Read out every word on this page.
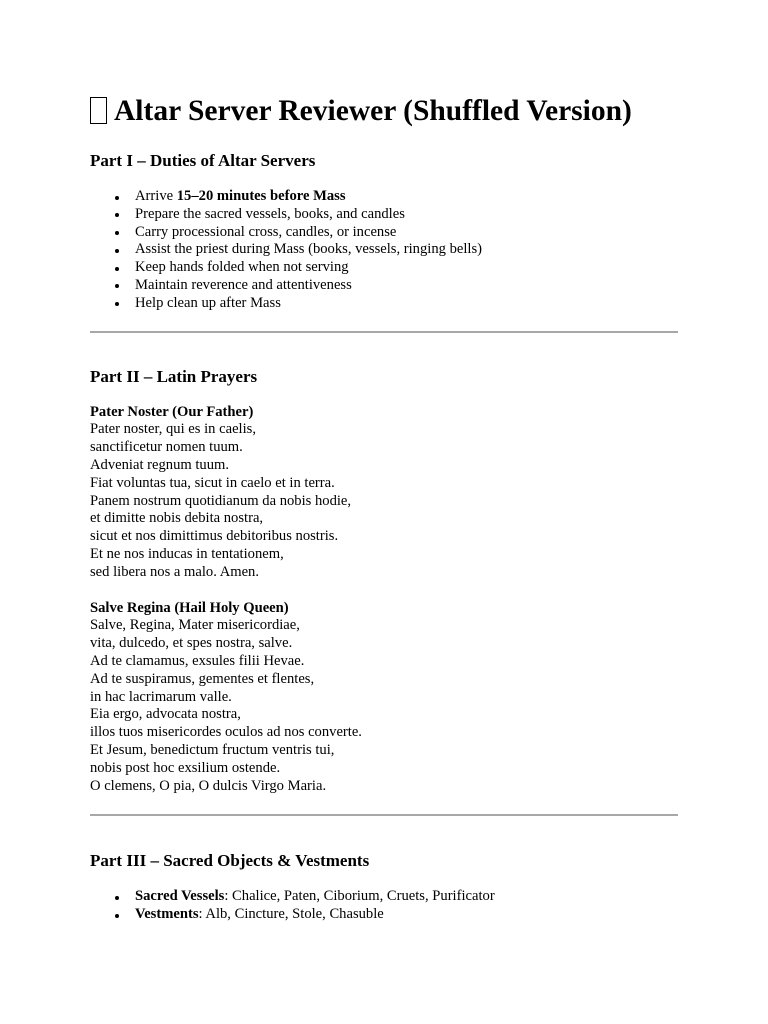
Altar Server Reviewer (Shuffled Version)
Part I – Duties of Altar Servers
Arrive 15–20 minutes before Mass
Prepare the sacred vessels, books, and candles
Carry processional cross, candles, or incense
Assist the priest during Mass (books, vessels, ringing bells)
Keep hands folded when not serving
Maintain reverence and attentiveness
Help clean up after Mass
Part II – Latin Prayers
Pater Noster (Our Father)
Pater noster, qui es in caelis,
sanctificetur nomen tuum.
Adveniat regnum tuum.
Fiat voluntas tua, sicut in caelo et in terra.
Panem nostrum quotidianum da nobis hodie,
et dimitte nobis debita nostra,
sicut et nos dimittimus debitoribus nostris.
Et ne nos inducas in tentationem,
sed libera nos a malo. Amen.
Salve Regina (Hail Holy Queen)
Salve, Regina, Mater misericordiae,
vita, dulcedo, et spes nostra, salve.
Ad te clamamus, exsules filii Hevae.
Ad te suspiramus, gementes et flentes,
in hac lacrimarum valle.
Eia ergo, advocata nostra,
illos tuos misericordes oculos ad nos converte.
Et Jesum, benedictum fructum ventris tui,
nobis post hoc exsilium ostende.
O clemens, O pia, O dulcis Virgo Maria.
Part III – Sacred Objects & Vestments
Sacred Vessels: Chalice, Paten, Ciborium, Cruets, Purificator
Vestments: Alb, Cincture, Stole, Chasuble
